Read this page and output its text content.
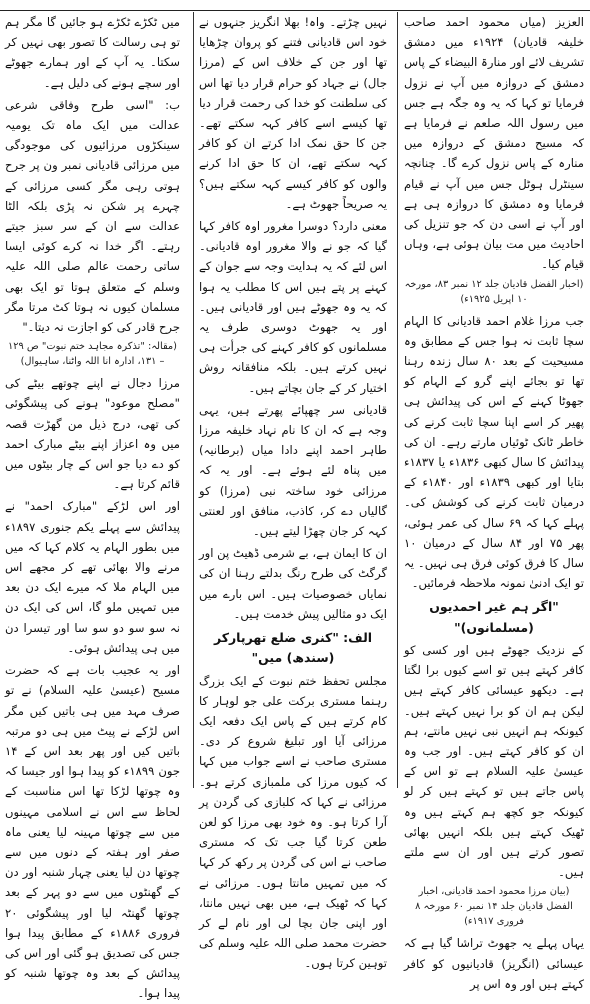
العزیز (میاں محمود احمد صاحب خلیفہ قادیان) ۱۹۲۴ء میں دمشق تشریف لائے اور منارۃ البیضاء کے پاس دمشق کے دروازہ میں آپ نے نزول فرمایا تو کہا کہ یہ وہ جگہ ہے جس میں رسول اللہ صلعم نے فرمایا ہے کہ مسیح دمشق کے دروازہ میں منارہ کے پاس نزول کرے گا۔ چنانچہ سینٹرل ہوٹل جس میں آپ نے قیام فرمایا وہ دمشق کا دروازہ ہی ہے اور آپ نے اسی دن کہ جو تنزیل کی احادیث میں مت بیان ہوئی ہے، وہاں قیام کیا۔

(اخبار الفضل قادیان جلد ۱۲ نمبر ۸۳، مورخہ ۱۰ اپریل ۱۹۲۵ء)

جب مرزا غلام احمد قادیانی کا الہام سچا ثابت نہ ہوا جس کے مطابق وہ مسیحیت کے بعد ۸۰ سال زندہ رہنا تھا تو بجائے اپنے گرو کے الہام کو جھوٹا کہنے کے اس کی پیدائش ہی پھیر کر اسے اپنا سچا ثابت کرنے کی خاطر ٹانک ٹوئیاں مارتے رہے۔ ان کی پیدائش کا سال کبھی ۱۸۳۶ء یا ۱۸۳۷ء بتایا اور کبھی ۱۸۳۹ء اور ۱۸۴۰ء کے درمیان ثابت کرنے کی کوشش کی۔ پہلے کہا کہ ۶۹ سال کی عمر ہوئی، پھر ۷۵ اور ۸۴ سال کے درمیان ۱۰ سال کا فرق کوئی فرق ہی نہیں۔ یہ تو ایک ادنیٰ نمونہ ملاحظہ فرمائیں۔

"اگر ہم غیر احمدیوں (مسلمانوں)"

کے نزدیک جھوٹے ہیں اور کسی کو کافر کہتے ہیں تو اسے کیوں برا لگتا ہے۔ دیکھو عیسائی کافر کہتے ہیں لیکن ہم ان کو برا نہیں کہتے ہیں۔ کیونکہ ہم انہیں نبی نہیں مانتے، ہم ان کو کافر کہتے ہیں۔ اور جب وہ عیسیٰ علیہ السلام ہے تو اس کے پاس جاتے ہیں تو کہتے ہیں کر لو کیونکہ جو کچھ ہم کہتے ہیں وہ ٹھیک کہتے ہیں بلکہ انہیں بھائی تصور کرتے ہیں اور ان سے ملتے ہیں۔

(بیان مرزا محمود احمد قادیانی، اخبار الفضل قادیان جلد ۱۴ نمبر ۶۰ مورخہ ۸ فروری ۱۹۱۷ء)

یہاں پہلے یہ جھوٹ تراشا گیا ہے کہ عیسائی (انگریز) قادیانیوں کو کافر کہتے ہیں اور وہ اس پر

نہیں چڑتے۔ واہ! بھلا انگریز جنہوں نے خود اس قادیانی فتنے کو پروان چڑھایا تھا اور جن کے خلاف اس کے (مرزا جال) نے جہاد کو حرام قرار دیا تھا اس کی سلطنت کو خدا کی رحمت قرار دیا تھا کیسے اسے کافر کہہ سکتے تھے۔ جن کا حق نمک ادا کرتے ان کو کافر کہہ سکتے تھے، ان کا حق ادا کرنے والوں کو کافر کیسے کہہ سکتے ہیں؟ یہ صریحاً جھوٹ ہے۔

معنی دارد؟ دوسرا مغرور اوہ کافر کہا گیا کہ جو نے والا مغرور اوہ قادیانی۔ اس لئے کہ یہ ہدایت وجہ سے جوان کے کہنے پر پتے ہیں اس کا مطلب یہ ہوا کہ یہ وہ جھوٹے ہیں اور قادیانی ہیں۔ اور یہ جھوٹ دوسری طرف یہ مسلمانوں کو کافر کہنے کی جرأت ہی نہیں کرتے ہیں۔ بلکہ منافقانہ روش اختیار کر کے جان بچاتے ہیں۔

قادیانی سر چھپائے پھرتے ہیں، یہی وجہ ہے کہ ان کا نام نہاد خلیفہ مرزا طاہر احمد اپنے دادا میاں (برطانیہ) میں پناہ لئے ہوئے ہے۔ اور یہ کہ مرزائی خود ساختہ نبی (مرزا) کو گالیاں دے کر، کاذب، منافق اور لعنتی کہہ کر جان چھڑا لیتے ہیں۔

ان کا ایمان ہے، بے شرمی ڈھیٹ پن اور گرگٹ کی طرح رنگ بدلتے رہنا ان کی نمایاں خصوصیات ہیں۔ اس بارے میں ایک دو مثالیں پیش خدمت ہیں۔

الف: "کنری ضلع تھرپارکر (سندھ) میں"

مجلس تحفظ ختم نبوت کے ایک بزرگ رہنما مستری برکت علی جو لوہار کا کام کرتے ہیں کے پاس ایک دفعہ ایک مرزائی آیا اور تبلیغ شروع کر دی۔ مستری صاحب نے اسے جواب میں کہا کہ کیوں مرزا کی ملمبازی کرتے ہو۔ مرزائی نے کہا کہ کلبازی کی گردن پر آرا کرتا ہو۔ وہ خود بھی مرزا کو لعن طعن کرتا گیا جب تک کہ مستری صاحب نے اس کی گردن پر رکھ کر کہا کہ میں تمہیں مانتا ہوں۔ مرزائی نے کہا کہ ٹھیک ہے، میں بھی نہیں مانتا، اور اپنی جان بچا لی اور نام لے کر حضرت محمد صلی اللہ علیہ وسلم کی توہین کرتا ہوں۔

میں ٹکڑے ٹکڑے ہو جائیں گا مگر ہم تو ہی رسالت کا تصور بھی نہیں کر سکتا۔ یہ آپ کے اور ہمارے جھوٹے اور سچے ہونے کی دلیل ہے۔

ب: "اسی طرح وفاقی شرعی عدالت میں ایک ماہ تک یومیہ سینکڑوں مرزائیوں کی موجودگی میں مرزائی قادیانی نمبر ون پر جرح ہوتی رہی مگر کسی مرزائی کے چہرے پر شکن نہ پڑی بلکہ الٹا عدالت سے ان کے سر سبز جیتے رہتے۔ اگر خدا نہ کرے کوئی ایسا ساتی رحمت عالم صلی اللہ علیہ وسلم کے متعلق ہوتا تو ایک بھی مسلمان کیوں نہ ہوتا کٹ مرتا مگر جرح قادر کی کو اجازت نہ دیتا۔"

(مقالہ: "تذکرہ مجاہد ختم نبوت" ص ۱۲۹ – ۱۳۱، ادارہ انا اللہ واٹنا، ساہیوال)

مرزا دجال نے اپنے چوتھے بیٹے کی "مصلح موعود" ہونے کی پیشگوئی کی تھی، درج ذیل من گھڑت قصہ میں وہ اعزاز اپنے بیٹے مبارک احمد کو دے دیا جو اس کے چار بیٹوں میں قائم کرتا ہے۔

اور اس لڑکے "مبارک احمد" نے پیدائش سے پہلے یکم جنوری ۱۸۹۷ء میں بطور الہام یہ کلام کہا کہ میں مرنے والا بھائی تھے کر مجھے اس میں الہام ملا کہ میرے ایک دن بعد میں تمہیں ملو گا، اس کی ایک دن نہ سو سو دو سو سا اور تیسرا دن میں ہی پیدائش ہوئی۔

اور یہ عجیب بات ہے کہ حضرت مسیح (عیسیٰ علیہ السلام) نے تو صرف مہد میں ہی باتیں کیں مگر اس لڑکے نے پیٹ میں ہی دو مرتبہ باتیں کیں اور پھر بعد اس کے ۱۴ جون ۱۸۹۹ء کو پیدا ہوا اور جیسا کہ وہ چوتھا لڑکا تھا اس مناسبت کے لحاظ سے اس نے اسلامی مہینوں میں سے چوتھا مہینہ لیا یعنی ماہ صفر اور ہفتہ کے دنوں میں سے چوتھا دن لیا یعنی چہار شنبہ اور دن کے گھنٹوں میں سے دو پہر کے بعد چوتھا گھنٹہ لیا اور پیشگوئی ۲۰ فروری ۱۸۸۶ء کے مطابق پیدا ہوا جس کی تصدیق ہو گئی اور اس کی پیدائش کے بعد وہ چوتھا شنبہ کو پیدا ہوا۔
